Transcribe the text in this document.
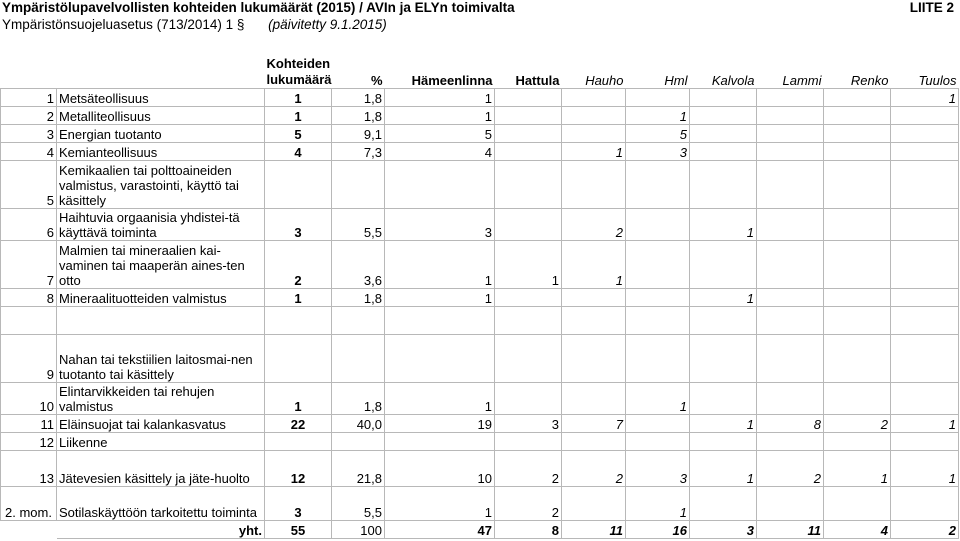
Ympäristölupavelvollisten kohteiden lukumäärät (2015) / AVIn ja ELYn toimivalta	LIITE 2
Ympäristönsuojeluasetus (713/2014) 1 § (päivitetty 9.1.2015)

		Kohteiden
lukumäärä	%	Hämeenlinna	Hattula	Hauho	Hml	Kalvola	Lammi	Renko	Tuulos
1	Metsäteollisuus	1	1,8	1							1
2	Metalliteollisuus	1	1,8	1			1				
3	Energian tuotanto	5	9,1	5			5				
4	Kemianteollisuus	4	7,3	4		1	3				
5	Kemikaalien tai polttoaineiden valmistus, varastointi, käyttö tai käsittely										
6	Haihtuvia orgaanisia yhdistei-tä käyttävä toiminta	3	5,5	3		2		1			
7	Malmien tai mineraalien kai-vaminen tai maaperän aines-ten otto	2	3,6	1	1	1					
8	Mineraalituotteiden valmistus	1	1,8	1				1			

9	Nahan tai tekstiilien laitosmai-nen tuotanto tai käsittely										
10	Elintarvikkeiden tai rehujen valmistus	1	1,8	1			1				
11	Eläinsuojat tai kalankasvatus	22	40,0	19	3	7		1	8	2	1
12	Liikenne										
13	Jätevesien käsittely ja jäte-huolto	12	21,8	10	2	2	3	1	2	1	1
2. mom.	Sotilaskäyttöön tarkoitettu toiminta	3	5,5	1	2		1				
	yht.	55	100	47	8	11	16	3	11	4	2
